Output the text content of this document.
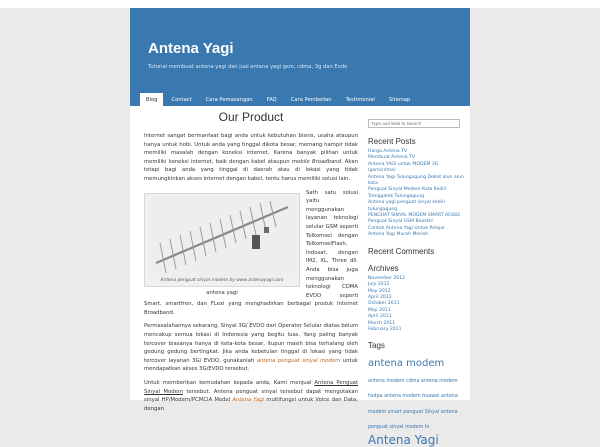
Antena Yagi
Tutorial membuat antena yagi dan jual antena yagi gsm, cdma, 3g dan Evdo
Blog	Contact	Cara Pemasangan	FAQ	Cara Pembelian	Testimonial	Sitemap
Our Product

Internet sangat bermanfaat bagi anda untuk kebutuhan bisnis, usaha ataupun hanya untuk hobi. Untuk anda yang tinggal dikota besar, memang hampir tidak memiliki masalah dengan koneksi internet. Karena banyak pilihan untuk memiliki koneksi internet, baik dengan kabel ataupun mobile Broadband. Akan tetapi bagi anda yang tinggal di daerah atau di lokasi yang tidak memungkinkan akses internet dengan kabel, tentu harus memiliki solusi lain.

Antena penguat sinyal modem by www.antenayagi.com
antena yagi

Sath satu solusi yaitu menggunakan layanan teknologi selular GSM seperti Telkomsel dengan TelkomselFlash, Indosat, dengan IM2, XL, Three dll. Anda bisa juga menggunakan teknologi CDMA EVDO seperti Smart, smartfren, dan FLexi yang menghadirkan berbagai produk Internet Broadband.

Permasalahannya sekarang, Sinyal 3G/ EVDO dari Operator Selular diatas belum mencakup semua lokasi di Indonesia yang begitu luas. Yang paling banyak tercover biasanya hanya di kota-kota besar, itupun masih bisa terhalang oleh gedung gedung bertingkat. Jika anda kebetulan tinggal di lokasi yang tidak tercover layanan 3G/ EVDO, gunakanlah antena penguat sinyal modem untuk mendapatkan akses 3G/EVDO tersebut.

Untuk memberikan kemudahan kepada anda, Kami menjual Antena Penguat Sinyal Modem tersebut. Antena penguat sinyal tersebut dapat mengutakan sinyal HP/Modem/PCMCIA Model Antena Yagi multifungsi untuk Voice dan Data, dengan

Type and Wait to Search
Recent Posts
Harga Antena TV
Membuat Antena TV
Antena YAGI untuk MODEM 3G (gsm/cdma)
Antena Yagi Tulungagung Dekat alun alun kota
Penguat Sinyal Modem Kota Kediri
Trenggalek Tulungagung
Antena yagi penguat sinyal kediri tulungagung
PENGUAT SINYAL MODEM SMART AC682
Penguat Sinyal GSM Booster
Contoh Antena Yagi Untuk Pelajar
Antena Yagi Murah Meriah
Recent Comments
Archives
November 2012
July 2012
May 2012
April 2012
October 2011
May 2011
April 2011
March 2011
February 2011
Tags
antena modem antena modem cdma antena modem hsdpa antena modem huawei antena modem smart penguat Sinyal antena penguat sinyal modem tv Antena Yagi
